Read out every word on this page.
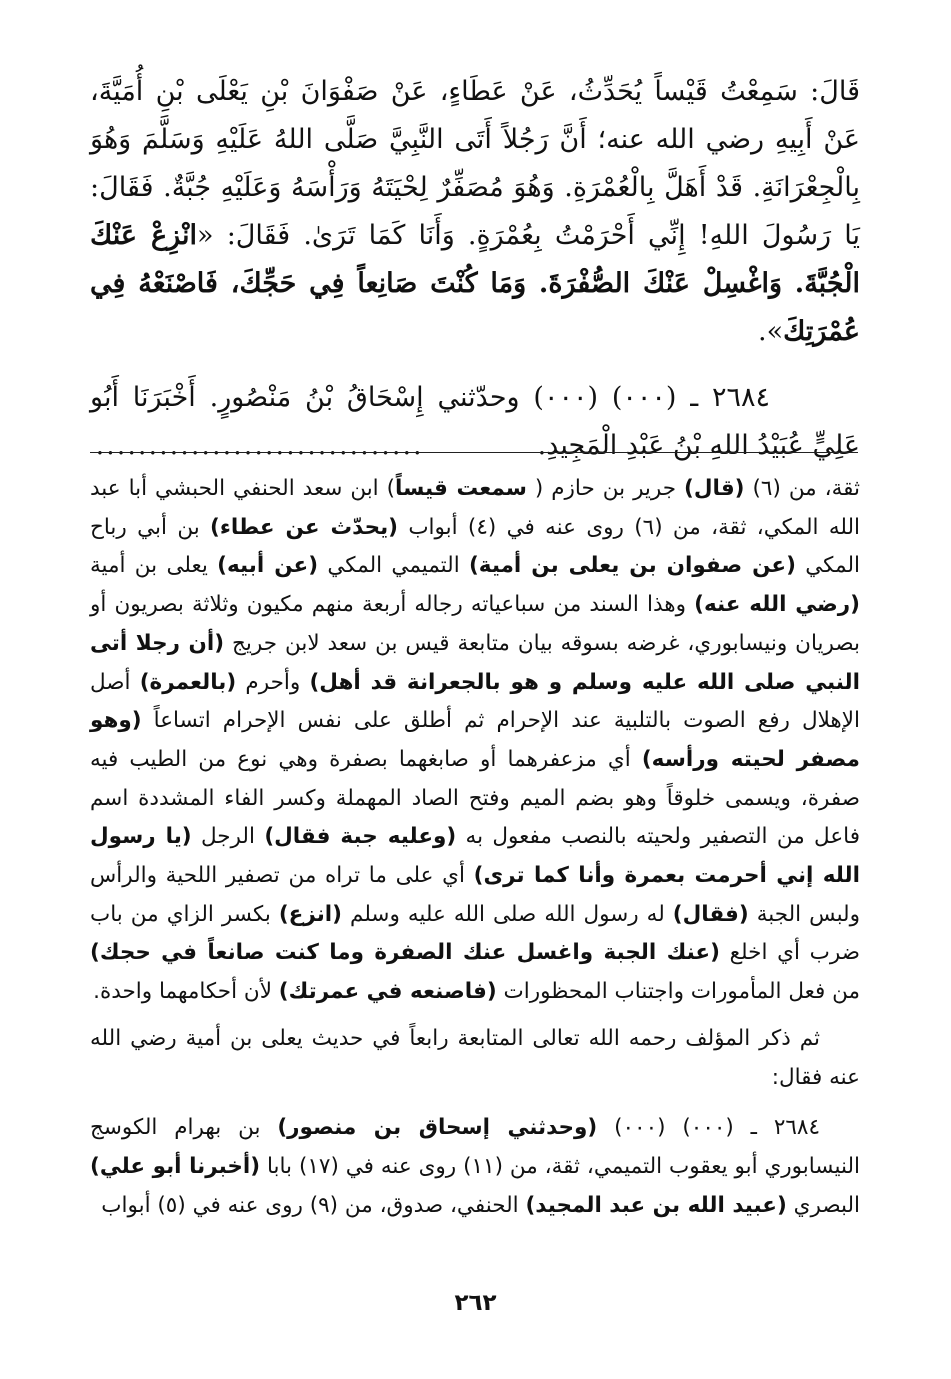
قَالَ: سَمِعْتُ قَيْساً يُحَدِّثُ، عَنْ عَطَاءٍ، عَنْ صَفْوَانَ بْنِ يَعْلَى بْنِ أُمَيَّةَ، عَنْ أَبِيهِ رضي الله عنه؛ أَنَّ رَجُلاً أَتَى النَّبِيَّ صَلَّى اللهُ عَلَيْهِ وَسَلَّمَ وَهُوَ بِالْجِعْرَانَةِ. قَدْ أَهَلَّ بِالْعُمْرَةِ. وَهُوَ مُصَفِّرٌ لِحْيَتَهُ وَرَأْسَهُ وَعَلَيْهِ جُبَّةٌ. فَقَالَ: يَا رَسُولَ اللهِ! إِنِّي أَحْرَمْتُ بِعُمْرَةٍ. وَأَنَا كَمَا تَرَىٰ. فَقَالَ: «انْزِعْ عَنْكَ الْجُبَّةَ. وَاغْسِلْ عَنْكَ الصُّفْرَةَ. وَمَا كُنْتَ صَانِعاً فِي حَجِّكَ، فَاصْنَعْهُ فِي عُمْرَتِكَ».

٢٦٨٤ ـ (٠٠٠) (٠٠٠) وحدّثني إِسْحَاقُ بْنُ مَنْصُورٍ. أَخْبَرَنَا أَبُو عَلِيٍّ عُبَيْدُ اللهِ بْنُ عَبْدِ الْمَجِيدِ................................

ثقة، من (٦) (قال) جرير بن حازم ( سمعت قيساً) ابن سعد الحنفي الحبشي أبا عبد الله المكي، ثقة، من (٦) روى عنه في (٤) أبواب (يحدّث عن عطاء) بن أبي رباح المكي (عن صفوان بن يعلى بن أمية) التميمي المكي (عن أبيه) يعلى بن أمية (رضي الله عنه) وهذا السند من سباعياته رجاله أربعة منهم مكيون وثلاثة بصريون أو بصريان ونيسابوري، غرضه بسوقه بيان متابعة قيس بن سعد لابن جريج (أن رجلا أتى النبي صلى الله عليه وسلم و هو بالجعرانة قد أهل) وأحرم (بالعمرة) أصل الإهلال رفع الصوت بالتلبية عند الإحرام ثم أطلق على نفس الإحرام اتساعاً (وهو مصفر لحيته ورأسه) أي مزعفرهما أو صابغهما بصفرة وهي نوع من الطيب فيه صفرة، ويسمى خلوقاً وهو بضم الميم وفتح الصاد المهملة وكسر الفاء المشددة اسم فاعل من التصفير ولحيته بالنصب مفعول به (وعليه جبة فقال) الرجل (يا رسول الله إني أحرمت بعمرة وأنا كما ترى) أي على ما تراه من تصفير اللحية والرأس ولبس الجبة (فقال) له رسول الله صلى الله عليه وسلم (انزع) بكسر الزاي من باب ضرب أي اخلع (عنك الجبة واغسل عنك الصفرة وما كنت صانعاً في حجك) من فعل المأمورات واجتناب المحظورات (فاصنعه في عمرتك) لأن أحكامهما واحدة.

ثم ذكر المؤلف رحمه الله تعالى المتابعة رابعاً في حديث يعلى بن أمية رضي الله عنه فقال:

٢٦٨٤ ـ (٠٠٠) (٠٠٠) (وحدثني إسحاق بن منصور) بن بهرام الكوسج النيسابوري أبو يعقوب التميمي، ثقة، من (١١) روى عنه في (١٧) بابا (أخبرنا أبو علي) البصري (عبيد الله بن عبد المجيد) الحنفي، صدوق، من (٩) روى عنه في (٥) أبواب

٢٦٢
